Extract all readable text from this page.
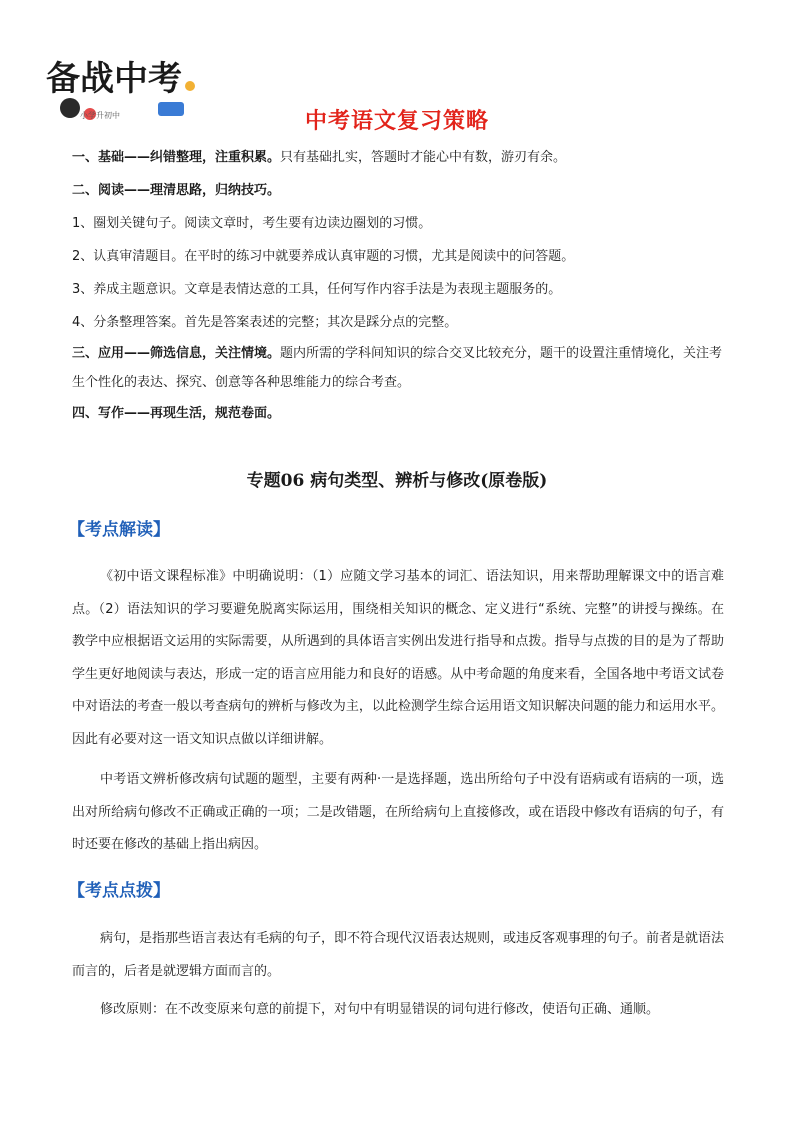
备战中考
小学升初中	中考语文复习策略
一、基础——纠错整理，注重积累。只有基础扎实，答题时才能心中有数，游刃有余。
二、阅读——理清思路，归纳技巧。
1、圈划关键句子。阅读文章时，考生要有边读边圈划的习惯。
2、认真审清题目。在平时的练习中就要养成认真审题的习惯，尤其是阅读中的问答题。
3、养成主题意识。文章是表情达意的工具，任何写作内容手法是为表现主题服务的。
4、分条整理答案。首先是答案表述的完整；其次是踩分点的完整。
三、应用——筛选信息，关注情境。题内所需的学科间知识的综合交叉比较充分，题干的设置注重情境化，关注考生个性化的表达、探究、创意等各种思维能力的综合考查。
四、写作——再现生活，规范卷面。
专题06 病句类型、辨析与修改(原卷版)
【考点解读】
《初中语文课程标准》中明确说明：（1）应随文学习基本的词汇、语法知识，用来帮助理解课文中的语言难点。（2）语法知识的学习要避免脱离实际运用，围绕相关知识的概念、定义进行“系统、完整”的讲授与操练。在教学中应根据语文运用的实际需要，从所遇到的具体语言实例出发进行指导和点拨。指导与点拨的目的是为了帮助学生更好地阅读与表达，形成一定的语言应用能力和良好的语感。从中考命题的角度来看，全国各地中考语文试卷中对语法的考查一般以考查病句的辨析与修改为主，以此检测学生综合运用语文知识解决问题的能力和运用水平。因此有必要对这一语文知识点做以详细讲解。
中考语文辨析修改病句试题的题型，主要有两种·一是选择题，选出所给句子中没有语病或有语病的一项，选出对所给病句修改不正确或正确的一项；二是改错题，在所给病句上直接修改，或在语段中修改有语病的句子，有时还要在修改的基础上指出病因。
【考点点拨】
病句，是指那些语言表达有毛病的句子，即不符合现代汉语表达规则，或违反客观事理的句子。前者是就语法而言的，后者是就逻辑方面而言的。
修改原则：在不改变原来句意的前提下，对句中有明显错误的词句进行修改，使语句正确、通顺。
